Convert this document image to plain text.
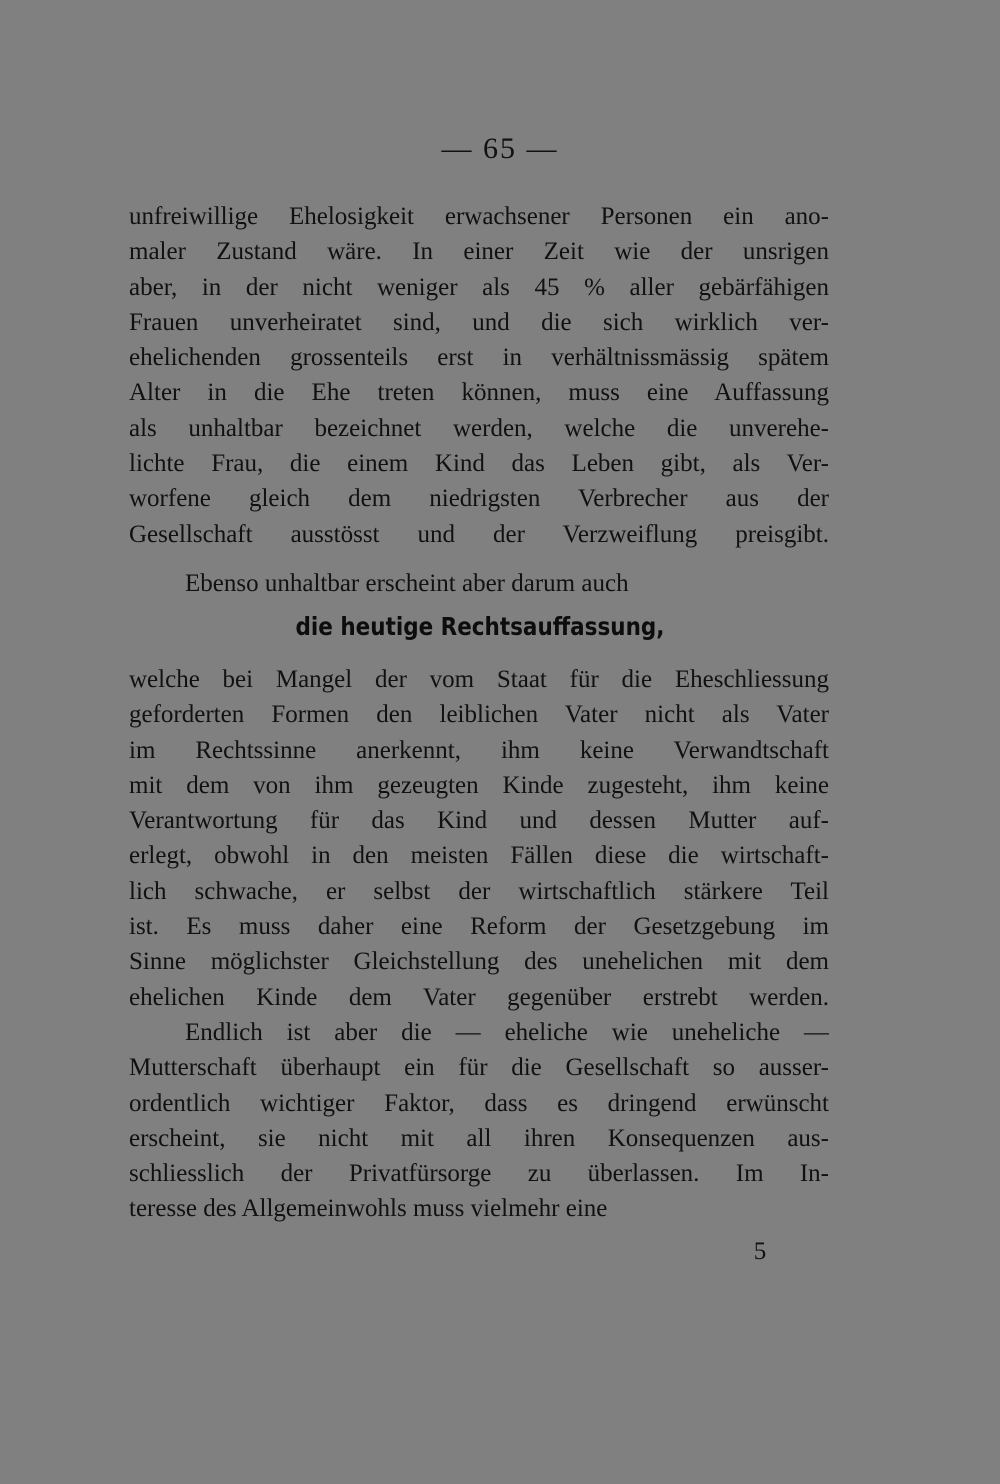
— 65 —
unfreiwillige Ehelosigkeit erwachsener Personen ein ano-
maler Zustand wäre. In einer Zeit wie der unsrigen
aber, in der nicht weniger als 45 % aller gebärfähigen
Frauen unverheiratet sind, und die sich wirklich ver-
ehelichenden grossenteils erst in verhältnissmässig spätem
Alter in die Ehe treten können, muss eine Auffassung
als unhaltbar bezeichnet werden, welche die unverehe-
lichte Frau, die einem Kind das Leben gibt, als Ver-
worfene gleich dem niedrigsten Verbrecher aus der
Gesellschaft ausstösst und der Verzweiflung preisgibt.
Ebenso unhaltbar erscheint aber darum auch
die heutige Rechtsauffassung,
welche bei Mangel der vom Staat für die Eheschliessung
geforderten Formen den leiblichen Vater nicht als Vater
im Rechtssinne anerkennt, ihm keine Verwandtschaft
mit dem von ihm gezeugten Kinde zugesteht, ihm keine
Verantwortung für das Kind und dessen Mutter auf-
erlegt, obwohl in den meisten Fällen diese die wirtschaft-
lich schwache, er selbst der wirtschaftlich stärkere Teil
ist. Es muss daher eine Reform der Gesetzgebung im
Sinne möglichster Gleichstellung des unehelichen mit dem
ehelichen Kinde dem Vater gegenüber erstrebt werden.
Endlich ist aber die — eheliche wie uneheliche —
Mutterschaft überhaupt ein für die Gesellschaft so ausser-
ordentlich wichtiger Faktor, dass es dringend erwünscht
erscheint, sie nicht mit all ihren Konsequenzen aus-
schliesslich der Privatfürsorge zu überlassen. Im In-
teresse des Allgemeinwohls muss vielmehr eine
5
